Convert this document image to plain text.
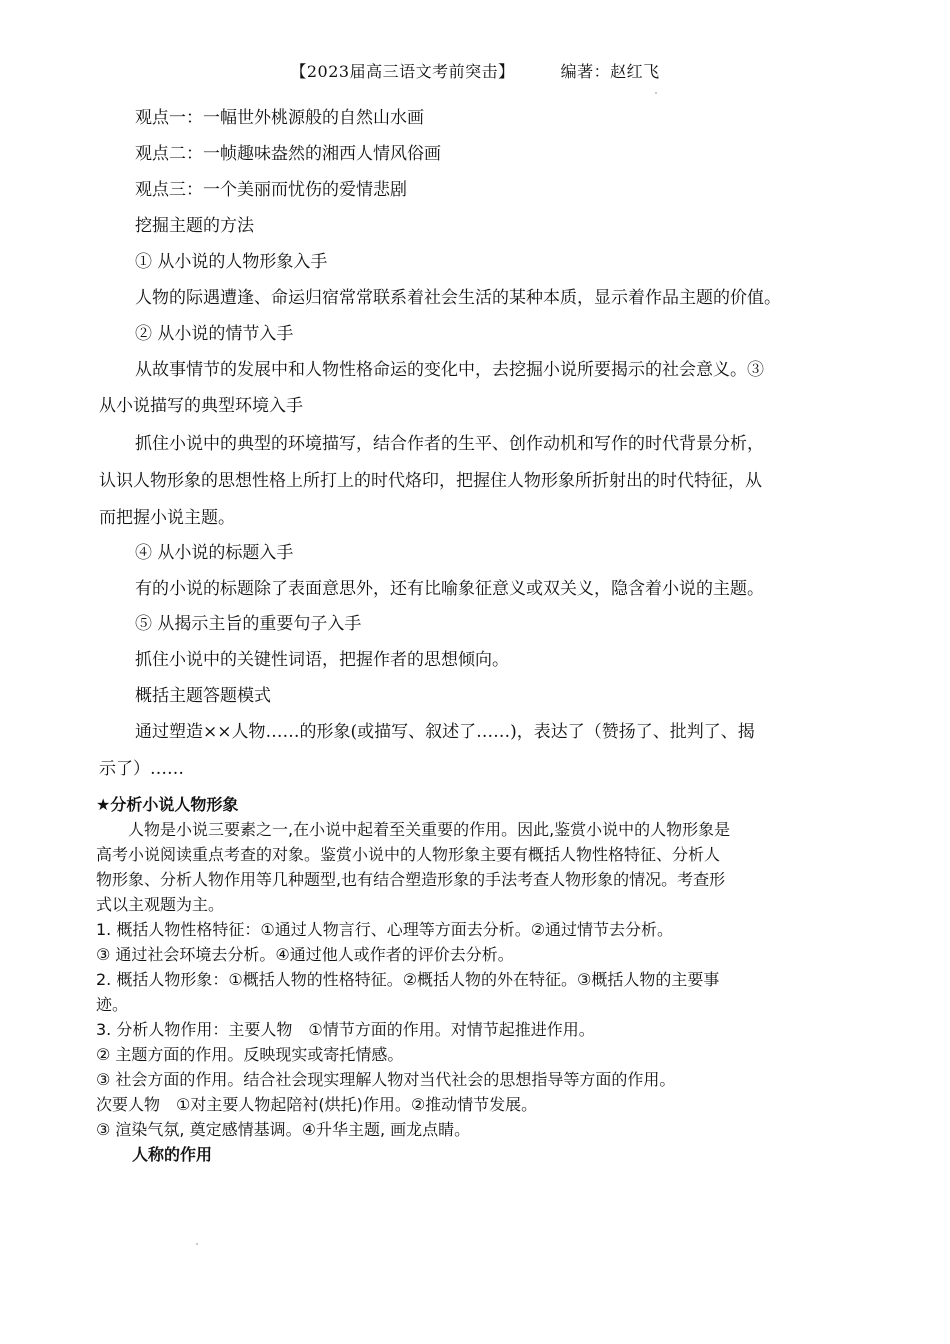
【2023届高三语文考前突击】	编著：赵红飞

观点一：一幅世外桃源般的自然山水画

观点二：一帧趣味盎然的湘西人情风俗画

观点三：一个美丽而忧伤的爱情悲剧

挖掘主题的方法

① 从小说的人物形象入手

人物的际遇遭逢、命运归宿常常联系着社会生活的某种本质，显示着作品主题的价值。

② 从小说的情节入手

从故事情节的发展中和人物性格命运的变化中，去挖掘小说所要揭示的社会意义。③

从小说描写的典型环境入手

抓住小说中的典型的环境描写，结合作者的生平、创作动机和写作的时代背景分析，

认识人物形象的思想性格上所打上的时代烙印，把握住人物形象所折射出的时代特征，从

而把握小说主题。

④ 从小说的标题入手

有的小说的标题除了表面意思外，还有比喻象征意义或双关义，隐含着小说的主题。

⑤ 从揭示主旨的重要句子入手

抓住小说中的关键性词语，把握作者的思想倾向。

概括主题答题模式

通过塑造××人物……的形象(或描写、叙述了……)，表达了（赞扬了、批判了、揭

示了）……

★分析小说人物形象

人物是小说三要素之一,在小说中起着至关重要的作用。因此,鉴赏小说中的人物形象是

高考小说阅读重点考查的对象。鉴赏小说中的人物形象主要有概括人物性格特征、分析人

物形象、分析人物作用等几种题型,也有结合塑造形象的手法考查人物形象的情况。考查形

式以主观题为主。

1. 概括人物性格特征：①通过人物言行、心理等方面去分析。②通过情节去分析。

③ 通过社会环境去分析。④通过他人或作者的评价去分析。

2. 概括人物形象：①概括人物的性格特征。②概括人物的外在特征。③概括人物的主要事

迹。

3. 分析人物作用：主要人物　①情节方面的作用。对情节起推进作用。

② 主题方面的作用。反映现实或寄托情感。

③ 社会方面的作用。结合社会现实理解人物对当代社会的思想指导等方面的作用。

次要人物　①对主要人物起陪衬(烘托)作用。②推动情节发展。

③ 渲染气氛, 奠定感情基调。④升华主题, 画龙点睛。

人称的作用
